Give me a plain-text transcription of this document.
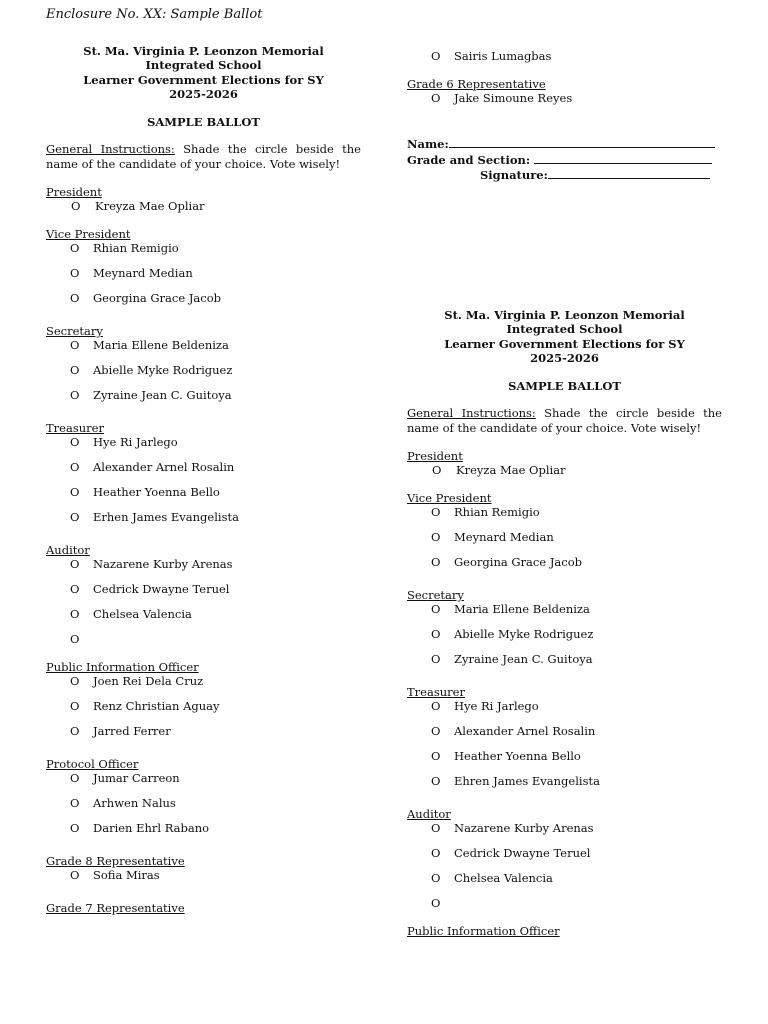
Enclosure No. XX: Sample Ballot
St. Ma. Virginia P. Leonzon Memorial
Integrated School
Learner Government Elections for SY
2025-2026
SAMPLE BALLOT
General Instructions: Shade the circle beside the name of the candidate of your choice. Vote wisely!
President
O Kreyza Mae Opliar
Vice President
O Rhian Remigio
O Meynard Median
O Georgina Grace Jacob
Secretary
O Maria Ellene Beldeniza
O Abielle Myke Rodriguez
O Zyraine Jean C. Guitoya
Treasurer
O Hye Ri Jarlego
O Alexander Arnel Rosalin
O Heather Yoenna Bello
O Erhen James Evangelista
Auditor
O Nazarene Kurby Arenas
O Cedrick Dwayne Teruel
O Chelsea Valencia
O
Public Information Officer
O Joen Rei Dela Cruz
O Renz Christian Aguay
O Jarred Ferrer
Protocol Officer
O Jumar Carreon
O Arhwen Nalus
O Darien Ehrl Rabano
Grade 8 Representative
O Sofia Miras
Grade 7 Representative
O Sairis Lumagbas
Grade 6 Representative
O Jake Simoune Reyes
Name:
Grade and Section:
Signature:
St. Ma. Virginia P. Leonzon Memorial
Integrated School
Learner Government Elections for SY
2025-2026
SAMPLE BALLOT
General Instructions: Shade the circle beside the name of the candidate of your choice. Vote wisely!
President
O Kreyza Mae Opliar
Vice President
O Rhian Remigio
O Meynard Median
O Georgina Grace Jacob
Secretary
O Maria Ellene Beldeniza
O Abielle Myke Rodriguez
O Zyraine Jean C. Guitoya
Treasurer
O Hye Ri Jarlego
O Alexander Arnel Rosalin
O Heather Yoenna Bello
O Ehren James Evangelista
Auditor
O Nazarene Kurby Arenas
O Cedrick Dwayne Teruel
O Chelsea Valencia
O
Public Information Officer
